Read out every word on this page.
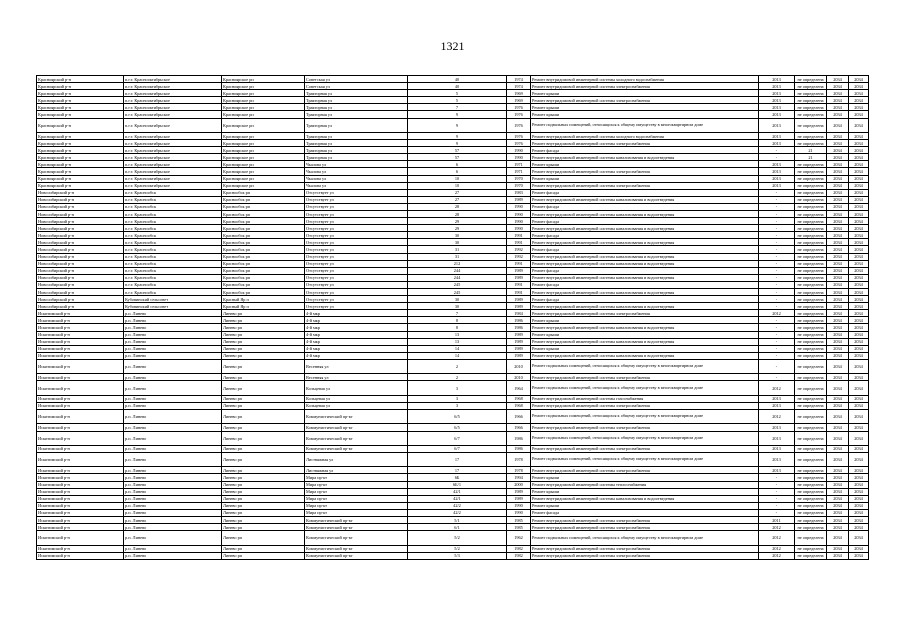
1321
Красноярский р-н	п.г.т. Краснооктябрьское	Красноярское рп	Советская ул	40	1974	Ремонт внутридомовой инженерной системы холодного водоснабжения	2013	не определена	2034	2034
Красноярский р-н	п.г.т. Краснооктябрьское	Красноярское рп	Советская ул	40	1974	Ремонт внутридомовой инженерной системы электроснабжения	2013	не определена	2034	2034
Красноярский р-н	п.г.т. Краснооктябрьское	Красноярское рп	Тракторная ул	5	1969	Ремонт крыши	2013	не определена	2034	2034
Красноярский р-н	п.г.т. Краснооктябрьское	Красноярское рп	Тракторная ул	5	1969	Ремонт внутридомовой инженерной системы электроснабжения	2013	не определена	2034	2034
Красноярский р-н	п.г.т. Краснооктябрьское	Красноярское рп	Тракторная ул	7	1976	Ремонт крыши	2013	не определена	2034	2034
Красноярский р-н	п.г.т. Краснооктябрьское	Красноярское рп	Тракторная ул	9	1976	Ремонт крыши	2013	не определена	2034	2034
Красноярский р-н	п.г.т. Краснооктябрьское	Красноярское рп	Тракторная ул	9	1976	Ремонт подвальных помещений, относящихся к общему имуществу в многоквартирном доме	2013	не определена	2034	2034
Красноярский р-н	п.г.т. Краснооктябрьское	Красноярское рп	Тракторная ул	9	1976	Ремонт внутридомовой инженерной системы холодного водоснабжения	2013	не определена	2034	2034
Красноярский р-н	п.г.т. Краснооктябрьское	Красноярское рп	Тракторная ул	9	1976	Ремонт внутридомовой инженерной системы электроснабжения	2013	не определена	2034	2034
Красноярский р-н	п.г.т. Краснооктябрьское	Красноярское рп	Тракторная ул	57	1990	Ремонт фасада	-	21	2034	2034
Красноярский р-н	п.г.т. Краснооктябрьское	Красноярское рп	Тракторная ул	57	1990	Ремонт внутридомовой инженерной системы канализования и водоотведения	-	21	2034	2034
Красноярский р-н	п.г.т. Краснооктябрьское	Красноярское рп	Чкалова ул	6	1971	Ремонт крыши	2013	не определена	2034	2034
Красноярский р-н	п.г.т. Краснооктябрьское	Красноярское рп	Чкалова ул	6	1971	Ремонт внутридомовой инженерной системы электроснабжения	2013	не определена	2034	2034
Красноярский р-н	п.г.т. Краснооктябрьское	Красноярское рп	Чкалова ул	10	1970	Ремонт крыши	2013	не определена	2034	2034
Красноярский р-н	п.г.т. Краснооктябрьское	Красноярское рп	Чкалова ул	10	1970	Ремонт внутридомовой инженерной системы электроснабжения	2013	не определена	2034	2034
Новосибирский р-н	п.г.т. Краснообск	Краснообск рп	Отсутствует ул	27	1983	Ремонт фасада	-	не определена	2034	2034
Новосибирский р-н	п.г.т. Краснообск	Краснообск рп	Отсутствует ул	27	1989	Ремонт внутридомовой инженерной системы канализования и водоотведения	-	не определена	2034	2034
Новосибирский р-н	п.г.т. Краснообск	Краснообск рп	Отсутствует ул	28	1990	Ремонт фасада	-	не определена	2034	2034
Новосибирский р-н	п.г.т. Краснообск	Краснообск рп	Отсутствует ул	28	1990	Ремонт внутридомовой инженерной системы канализования и водоотведения	-	не определена	2034	2034
Новосибирский р-н	п.г.т. Краснообск	Краснообск рп	Отсутствует ул	29	1990	Ремонт фасада	-	не определена	2034	2034
Новосибирский р-н	п.г.т. Краснообск	Краснообск рп	Отсутствует ул	29	1990	Ремонт внутридомовой инженерной системы канализования и водоотведения	-	не определена	2034	2034
Новосибирский р-н	п.г.т. Краснообск	Краснообск рп	Отсутствует ул	30	1991	Ремонт фасада	-	не определена	2034	2034
Новосибирский р-н	п.г.т. Краснообск	Краснообск рп	Отсутствует ул	30	1991	Ремонт внутридомовой инженерной системы канализования и водоотведения	-	не определена	2034	2034
Новосибирский р-н	п.г.т. Краснообск	Краснообск рп	Отсутствует ул	31	1992	Ремонт фасада	-	не определена	2034	2034
Новосибирский р-н	п.г.т. Краснообск	Краснообск рп	Отсутствует ул	31	1992	Ремонт внутридомовой инженерной системы канализования и водоотведения	-	не определена	2034	2034
Новосибирский р-н	п.г.т. Краснообск	Краснообск рп	Отсутствует ул	212	1991	Ремонт внутридомовой инженерной системы канализования и водоотведения	-	не определена	2034	2034
Новосибирский р-н	п.г.т. Краснообск	Краснообск рп	Отсутствует ул	244	1989	Ремонт фасада	-	не определена	2034	2034
Новосибирский р-н	п.г.т. Краснообск	Краснообск рп	Отсутствует ул	244	1989	Ремонт внутридомовой инженерной системы канализования и водоотведения	-	не определена	2034	2034
Новосибирский р-н	п.г.т. Краснообск	Краснообск рп	Отсутствует ул	245	1991	Ремонт фасада	-	не определена	2034	2034
Новосибирский р-н	п.г.т. Краснообск	Краснообск рп	Отсутствует ул	245	1991	Ремонт внутридомовой инженерной системы канализования и водоотведения	-	не определена	2034	2034
Новосибирский р-н	Кубовинский сельсовет	Красный Яр п	Отсутствует ул	30	1989	Ремонт фасада	-	не определена	2034	2034
Новосибирский р-н	Кубовинский сельсовет	Красный Яр п	Отсутствует ул	30	1989	Ремонт внутридомовой инженерной системы канализования и водоотведения	-	не определена	2034	2034
Искитимский р-н	р.п. Линево	Линево рп	4-й мкр	7	1984	Ремонт внутридомовой инженерной системы электроснабжения	2012	не определена	2034	2034
Искитимский р-н	р.п. Линево	Линево рп	4-й мкр	8	1986	Ремонт крыши	-	не определена	2034	2034
Искитимский р-н	р.п. Линево	Линево рп	4-й мкр	8	1986	Ремонт внутридомовой инженерной системы канализования и водоотведения	-	не определена	2034	2034
Искитимский р-н	р.п. Линево	Линево рп	4-й мкр	13	1989	Ремонт крыши	-	не определена	2034	2034
Искитимский р-н	р.п. Линево	Линево рп	4-й мкр	13	1989	Ремонт внутридомовой инженерной системы канализования и водоотведения	-	не определена	2034	2034
Искитимский р-н	р.п. Линево	Линево рп	4-й мкр	14	1989	Ремонт крыши	-	не определена	2034	2034
Искитимский р-н	р.п. Линево	Линево рп	4-й мкр	14	1989	Ремонт внутридомовой инженерной системы канализования и водоотведения	-	не определена	2034	2034
Искитимский р-н	р.п. Линево	Линево рп	Весенняя ул	2	2010	Ремонт подвальных помещений, относящихся к общему имуществу в многоквартирном доме	-	не определена	2034	2034
Искитимский р-н	р.п. Линево	Линево рп	Весенняя ул	2	2010	Ремонт внутридомовой инженерной системы электроснабжения	-	не определена	2034	2034
Искитимский р-н	р.п. Линево	Линево рп	Кольцевая ул	3	1964	Ремонт подвальных помещений, относящихся к общему имуществу в многоквартирном доме	2012	не определена	2034	2034
Искитимский р-н	р.п. Линево	Линево рп	Кольцевая ул	3	1968	Ремонт внутридомовой инженерной системы газоснабжения	2013	не определена	2034	2034
Искитимский р-н	р.п. Линево	Линево рп	Кольцевая ул	3	1968	Ремонт внутридомовой инженерной системы электроснабжения	2013	не определена	2034	2034
Искитимский р-н	р.п. Линево	Линево рп	Коммунистический пр-кт	6/5	1966	Ремонт подвальных помещений, относящихся к общему имуществу в многоквартирном доме	2012	не определена	2034	2034
Искитимский р-н	р.п. Линево	Линево рп	Коммунистический пр-кт	6/5	1966	Ремонт внутридомовой инженерной системы электроснабжения	2013	не определена	2034	2034
Искитимский р-н	р.п. Линево	Линево рп	Коммунистический пр-кт	6/7	1986	Ремонт подвальных помещений, относящихся к общему имуществу в многоквартирном доме	2013	не определена	2034	2034
Искитимский р-н	р.п. Линево	Линево рп	Коммунистический пр-кт	6/7	1986	Ремонт внутридомовой инженерной системы электроснабжения	2013	не определена	2034	2034
Искитимский р-н	р.п. Линево	Линево рп	Листвяжная ул	17	1978	Ремонт подвальных помещений, относящихся к общему имуществу в многоквартирном доме	2013	не определена	2034	2034
Искитимский р-н	р.п. Линево	Линево рп	Листвяжная ул	17	1978	Ремонт внутридомовой инженерной системы электроснабжения	2013	не определена	2034	2034
Искитимский р-н	р.п. Линево	Линево рп	Мира пр-кт	6Б	1994	Ремонт крыши	-	не определена	2034	2034
Искитимский р-н	р.п. Линево	Линево рп	Мира пр-кт	6Б/1	2000	Ремонт внутридомовой инженерной системы теплоснабжения	-	не определена	2034	2034
Искитимский р-н	р.п. Линево	Линево рп	Мира пр-кт	42/1	1989	Ремонт крыши	-	не определена	2034	2034
Искитимский р-н	р.п. Линево	Линево рп	Мира пр-кт	42/1	1989	Ремонт внутридомовой инженерной системы канализования и водоотведения	-	не определена	2034	2034
Искитимский р-н	р.п. Линево	Линево рп	Мира пр-кт	42/2	1990	Ремонт крыши	-	не определена	2034	2034
Искитимский р-н	р.п. Линево	Линево рп	Мира пр-кт	42/2	1990	Ремонт фасада	-	не определена	2034	2034
Искитимский р-н	р.п. Линево	Линево рп	Коммунистический пр-кт	5/1	1985	Ремонт внутридомовой инженерной системы электроснабжения	2011	не определена	2034	2034
Искитимский р-н	р.п. Линево	Линево рп	Коммунистический пр-кт	6/1	1985	Ремонт внутридомовой инженерной системы электроснабжения	2012	не определена	2034	2034
Искитимский р-н	р.п. Линево	Линево рп	Коммунистический пр-кт	5/2	1962	Ремонт подвальных помещений, относящихся к общему имуществу в многоквартирном доме	2012	не определена	2034	2034
Искитимский р-н	р.п. Линево	Линево рп	Коммунистический пр-кт	5/2	1982	Ремонт внутридомовой инженерной системы электроснабжения	2012	не определена	2034	2034
Искитимский р-н	р.п. Линево	Линево рп	Коммунистический пр-кт	5/3	1982	Ремонт внутридомовой инженерной системы электроснабжения	2012	не определена	2034	2034
